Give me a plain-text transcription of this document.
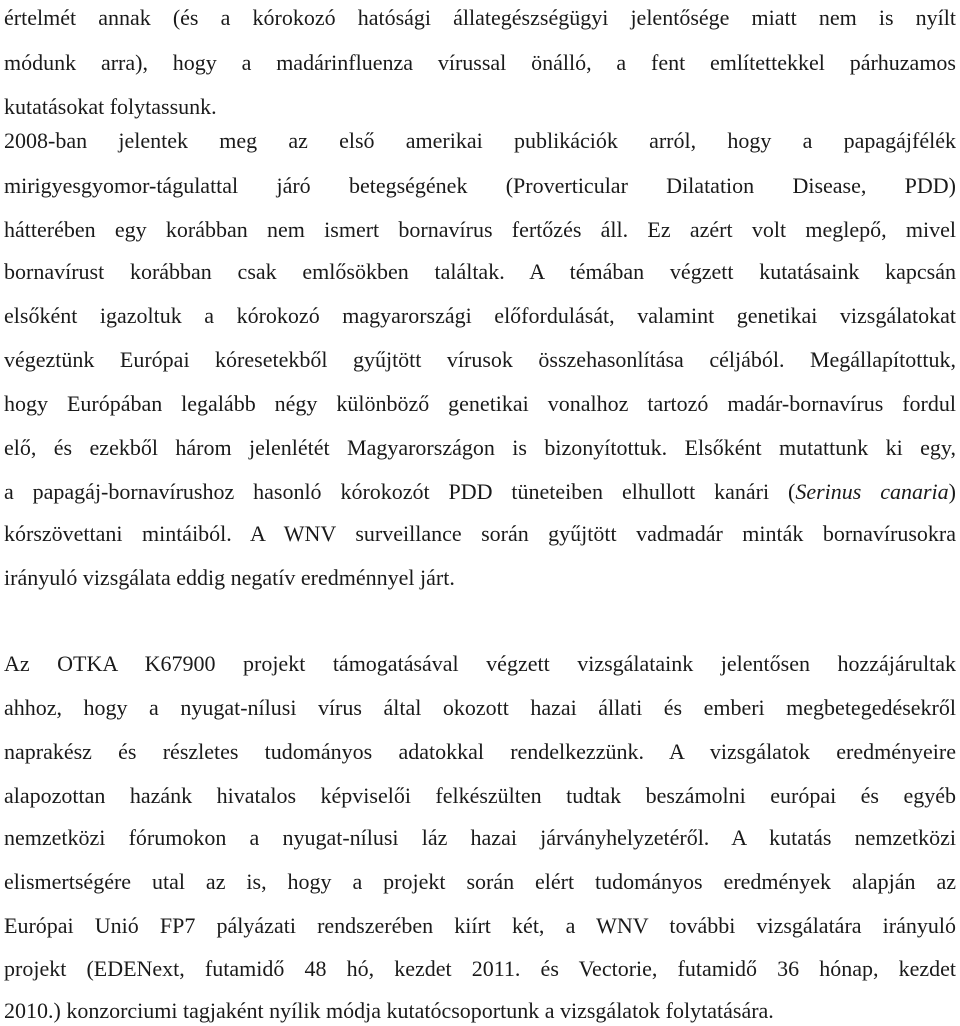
értelmét annak (és a kórokozó hatósági állategészségügyi jelentősége miatt nem is nyílt
módunk arra), hogy a madárinfluenza vírussal önálló, a fent említettekkel párhuzamos
kutatásokat folytassunk.
2008-ban jelentek meg az első amerikai publikációk arról, hogy a papagájfélék
mirigyesgyomor-tágulattal járó betegségének (Proverticular Dilatation Disease, PDD)
hátterében egy korábban nem ismert bornavírus fertőzés áll. Ez azért volt meglepő, mivel
bornavírust korábban csak emlősökben találtak. A témában végzett kutatásaink kapcsán
elsőként igazoltuk a kórokozó magyarországi előfordulását, valamint genetikai vizsgálatokat
végeztünk Európai kóresetekből gyűjtött vírusok összehasonlítása céljából. Megállapítottuk,
hogy Európában legalább négy különböző genetikai vonalhoz tartozó madár-bornavírus fordul
elő, és ezekből három jelenlétét Magyarországon is bizonyítottuk. Elsőként mutattunk ki egy,
a papagáj-bornavírushoz hasonló kórokozót PDD tüneteiben elhullott kanári (Serinus canaria)
kórszövettani mintáiból. A WNV surveillance során gyűjtött vadmadár minták bornavírusokra
irányuló vizsgálata eddig negatív eredménnyel járt.
Az OTKA K67900 projekt támogatásával végzett vizsgálataink jelentősen hozzájárultak
ahhoz, hogy a nyugat-nílusi vírus által okozott hazai állati és emberi megbetegedésekről
naprakész és részletes tudományos adatokkal rendelkezzünk. A vizsgálatok eredményeire
alapozottan hazánk hivatalos képviselői felkészülten tudtak beszámolni európai és egyéb
nemzetközi fórumokon a nyugat-nílusi láz hazai járványhelyzetéről. A kutatás nemzetközi
elismertségére utal az is, hogy a projekt során elért tudományos eredmények alapján az
Európai Unió FP7 pályázati rendszerében kiírt két, a WNV további vizsgálatára irányuló
projekt (EDENext, futamidő 48 hó, kezdet 2011. és Vectorie, futamidő 36 hónap, kezdet
2010.) konzorciumi tagjaként nyílik módja kutatócsoportunk a vizsgálatok folytatására.
